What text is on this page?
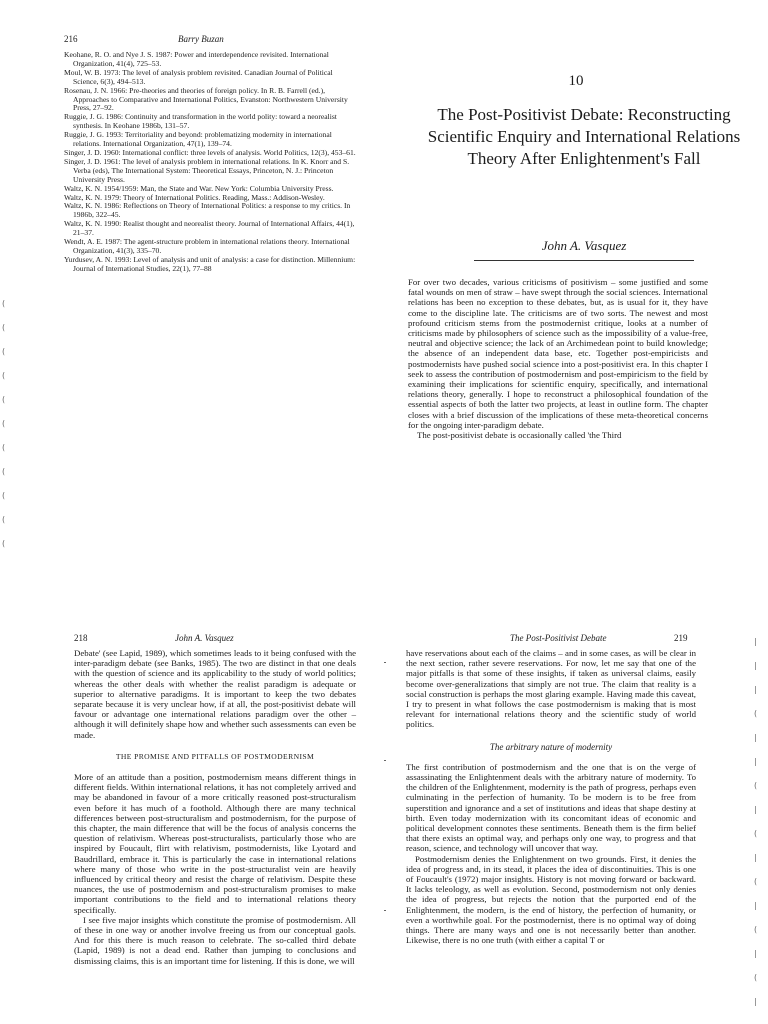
216	Barry Buzan
Keohane, R. O. and Nye J. S. 1987: Power and interdependence revisited. International Organization, 41(4), 725–53.
Moul, W. B. 1973: The level of analysis problem revisited. Canadian Journal of Political Science, 6(3), 494–513.
Rosenau, J. N. 1966: Pre-theories and theories of foreign policy. In R. B. Farrell (ed.), Approaches to Comparative and International Politics, Evanston: Northwestern University Press, 27–92.
Ruggie, J. G. 1986: Continuity and transformation in the world polity: toward a neorealist synthesis. In Keohane 1986b, 131–57.
Ruggie, J. G. 1993: Territoriality and beyond: problematizing modernity in international relations. International Organization, 47(1), 139–74.
Singer, J. D. 1960: International conflict: three levels of analysis. World Politics, 12(3), 453–61.
Singer, J. D. 1961: The level of analysis problem in international relations. In K. Knorr and S. Verba (eds), The International System: Theoretical Essays, Princeton, N. J.: Princeton University Press.
Waltz, K. N. 1954/1959: Man, the State and War. New York: Columbia University Press.
Waltz, K. N. 1979: Theory of International Politics. Reading, Mass.: Addison-Wesley.
Waltz, K. N. 1986: Reflections on Theory of International Politics: a response to my critics. In 1986b, 322–45.
Waltz, K. N. 1990: Realist thought and neorealist theory. Journal of International Affairs, 44(1), 21–37.
Wendt, A. E. 1987: The agent-structure problem in international relations theory. International Organization, 41(3), 335–70.
Yurdusev, A. N. 1993: Level of analysis and unit of analysis: a case for distinction. Millennium: Journal of International Studies, 22(1), 77–88
(
(
(
(
(
(
(
(
(
(
(
10
The Post-Positivist Debate: Reconstructing Scientific Enquiry and International Relations Theory After Enlightenment's Fall
John A. Vasquez

For over two decades, various criticisms of positivism – some justified and some fatal wounds on men of straw – have swept through the social sciences. International relations has been no exception to these debates, but, as is usual for it, they have come to the discipline late. The criticisms are of two sorts. The newest and most profound criticism stems from the postmodernist critique, looks at a number of criticisms made by philosophers of science such as the impossibility of a value-free, neutral and objective science; the lack of an Archimedean point to build knowledge; the absence of an independent data base, etc. Together post-empiricists and postmodernists have pushed social science into a post-positivist era. In this chapter I seek to assess the contribution of postmodernism and post-empiricism to the field by examining their implications for scientific enquiry, specifically, and international relations theory, generally. I hope to reconstruct a philosophical foundation of the essential aspects of both the latter two projects, at least in outline form. The chapter closes with a brief discussion of the implications of these meta-theoretical concerns for the ongoing inter-paradigm debate.

The post-positivist debate is occasionally called 'the Third

218	John A. Vasquez

Debate' (see Lapid, 1989), which sometimes leads to it being confused with the inter-paradigm debate (see Banks, 1985). The two are distinct in that one deals with the question of science and its applicability to the study of world politics; whereas the other deals with whether the realist paradigm is adequate or superior to alternative paradigms. It is important to keep the two debates separate because it is very unclear how, if at all, the post-positivist debate will favour or advantage one international relations paradigm over the other – although it will definitely shape how and whether such assessments can even be made.

THE PROMISE AND PITFALLS OF POSTMODERNISM

More of an attitude than a position, postmodernism means different things in different fields. Within international relations, it has not completely arrived and may be abandoned in favour of a more critically reasoned post-structuralism even before it has much of a foothold. Although there are many technical differences between post-structuralism and postmodernism, for the purpose of this chapter, the main difference that will be the focus of analysis concerns the question of relativism. Whereas post-structuralists, particularly those who are inspired by Foucault, flirt with relativism, postmodernists, like Lyotard and Baudrillard, embrace it. This is particularly the case in international relations where many of those who write in the post-structuralist vein are heavily influenced by critical theory and resist the charge of relativism. Despite these nuances, the use of postmodernism and post-structuralism promises to make important contributions to the field and to international relations theory specifically.

I see five major insights which constitute the promise of postmodernism. All of these in one way or another involve freeing us from our conceptual gaols. And for this there is much reason to celebrate. The so-called third debate (Lapid, 1989) is not a dead end. Rather than jumping to conclusions and dismissing claims, this is an important time for listening. If this is done, we will

The Post-Positivist Debate	219

have reservations about each of the claims – and in some cases, as will be clear in the next section, rather severe reservations. For now, let me say that one of the major pitfalls is that some of these insights, if taken as universal claims, easily become over-generalizations that simply are not true. The claim that reality is a social construction is perhaps the most glaring example. Having made this caveat, I try to present in what follows the case postmodernism is making that is most relevant for international relations theory and the scientific study of world politics.

The arbitrary nature of modernity

The first contribution of postmodernism and the one that is on the verge of assassinating the Enlightenment deals with the arbitrary nature of modernity. To the children of the Enlightenment, modernity is the path of progress, perhaps even culminating in the perfection of humanity. To be modern is to be free from superstition and ignorance and a set of institutions and ideas that shape destiny at birth. Even today modernization with its concomitant ideas of economic and political development connotes these sentiments. Beneath them is the firm belief that there exists an optimal way, and perhaps only one way, to progress and that reason, science, and technology will uncover that way.

Postmodernism denies the Enlightenment on two grounds. First, it denies the idea of progress and, in its stead, it places the idea of discontinuities. This is one of Foucault's (1972) major insights. History is not moving forward or backward. It lacks teleology, as well as evolution. Second, postmodernism not only denies the idea of progress, but rejects the notion that the purported end of the Enlightenment, the modern, is the end of history, the perfection of humanity, or even a worthwhile goal. For the postmodernist, there is no optimal way of doing things. There are many ways and one is not necessarily better than another. Likewise, there is no one truth (with either a capital T or

|
|
|
(
|
|
(
|
(
|
(
|
(
|
(
|
